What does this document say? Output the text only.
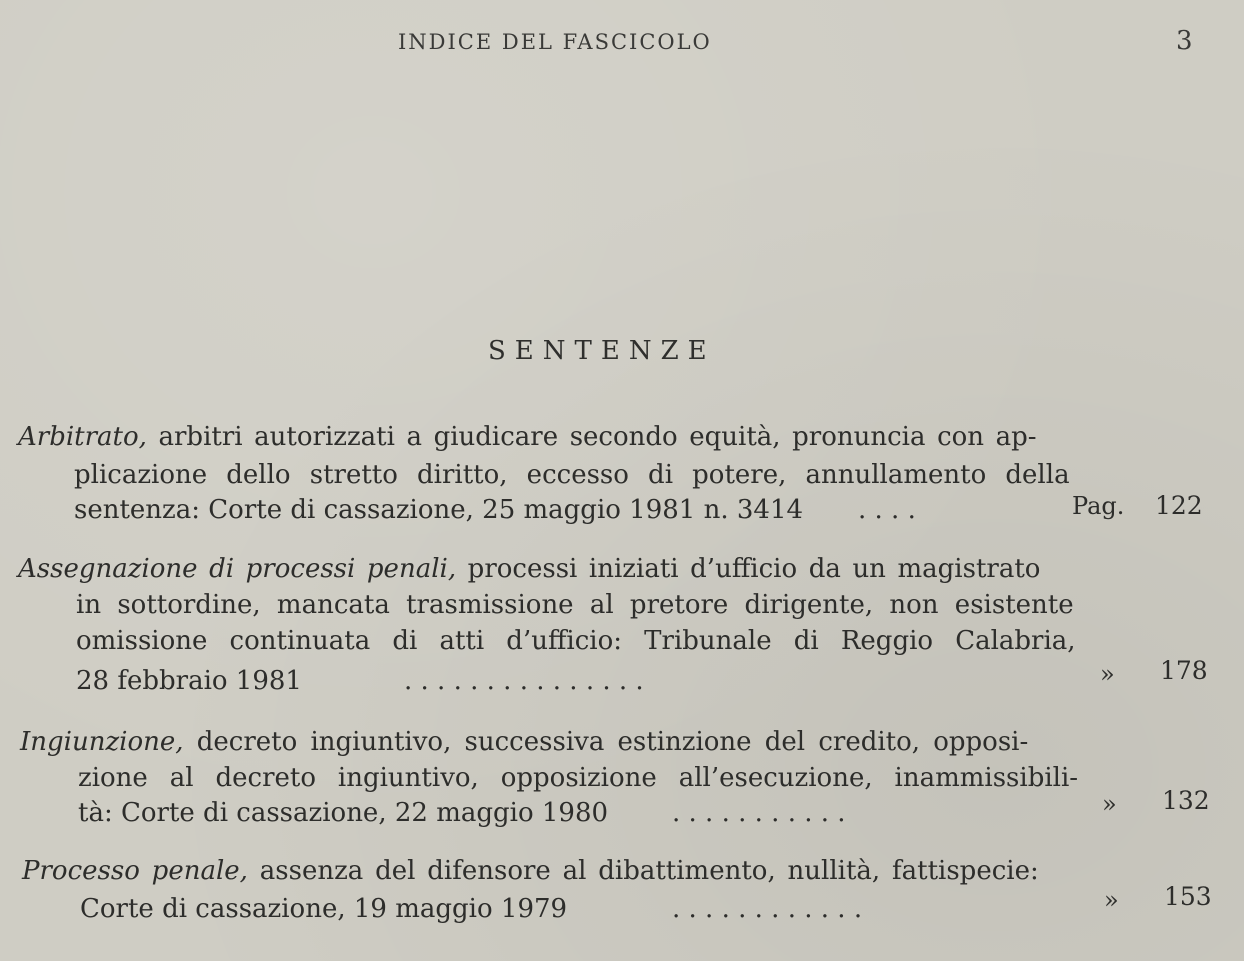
INDICE DEL FASCICOLO	3
SENTENZE
Arbitrato, arbitri autorizzati a giudicare secondo equità, pronuncia con ap-
plicazione dello stretto diritto, eccesso di potere, annullamento della
sentenza: Corte di cassazione, 25 maggio 1981 n. 3414 . . . .	Pag. 122
Assegnazione di processi penali, processi iniziati d’ufficio da un magistrato
in sottordine, mancata trasmissione al pretore dirigente, non esistente
omissione continuata di atti d’ufficio: Tribunale di Reggio Calabria,
28 febbraio 1981	. . . . . . . . . . . . . . .	» 178
Ingiunzione, decreto ingiuntivo, successiva estinzione del credito, opposi-
zione al decreto ingiuntivo, opposizione all’esecuzione, inammissibili-
tà: Corte di cassazione, 22 maggio 1980 . . . . . . . . . . .	» 132
Processo penale, assenza del difensore al dibattimento, nullità, fattispecie:
Corte di cassazione, 19 maggio 1979	. . . . . . . . . . . .	» 153
